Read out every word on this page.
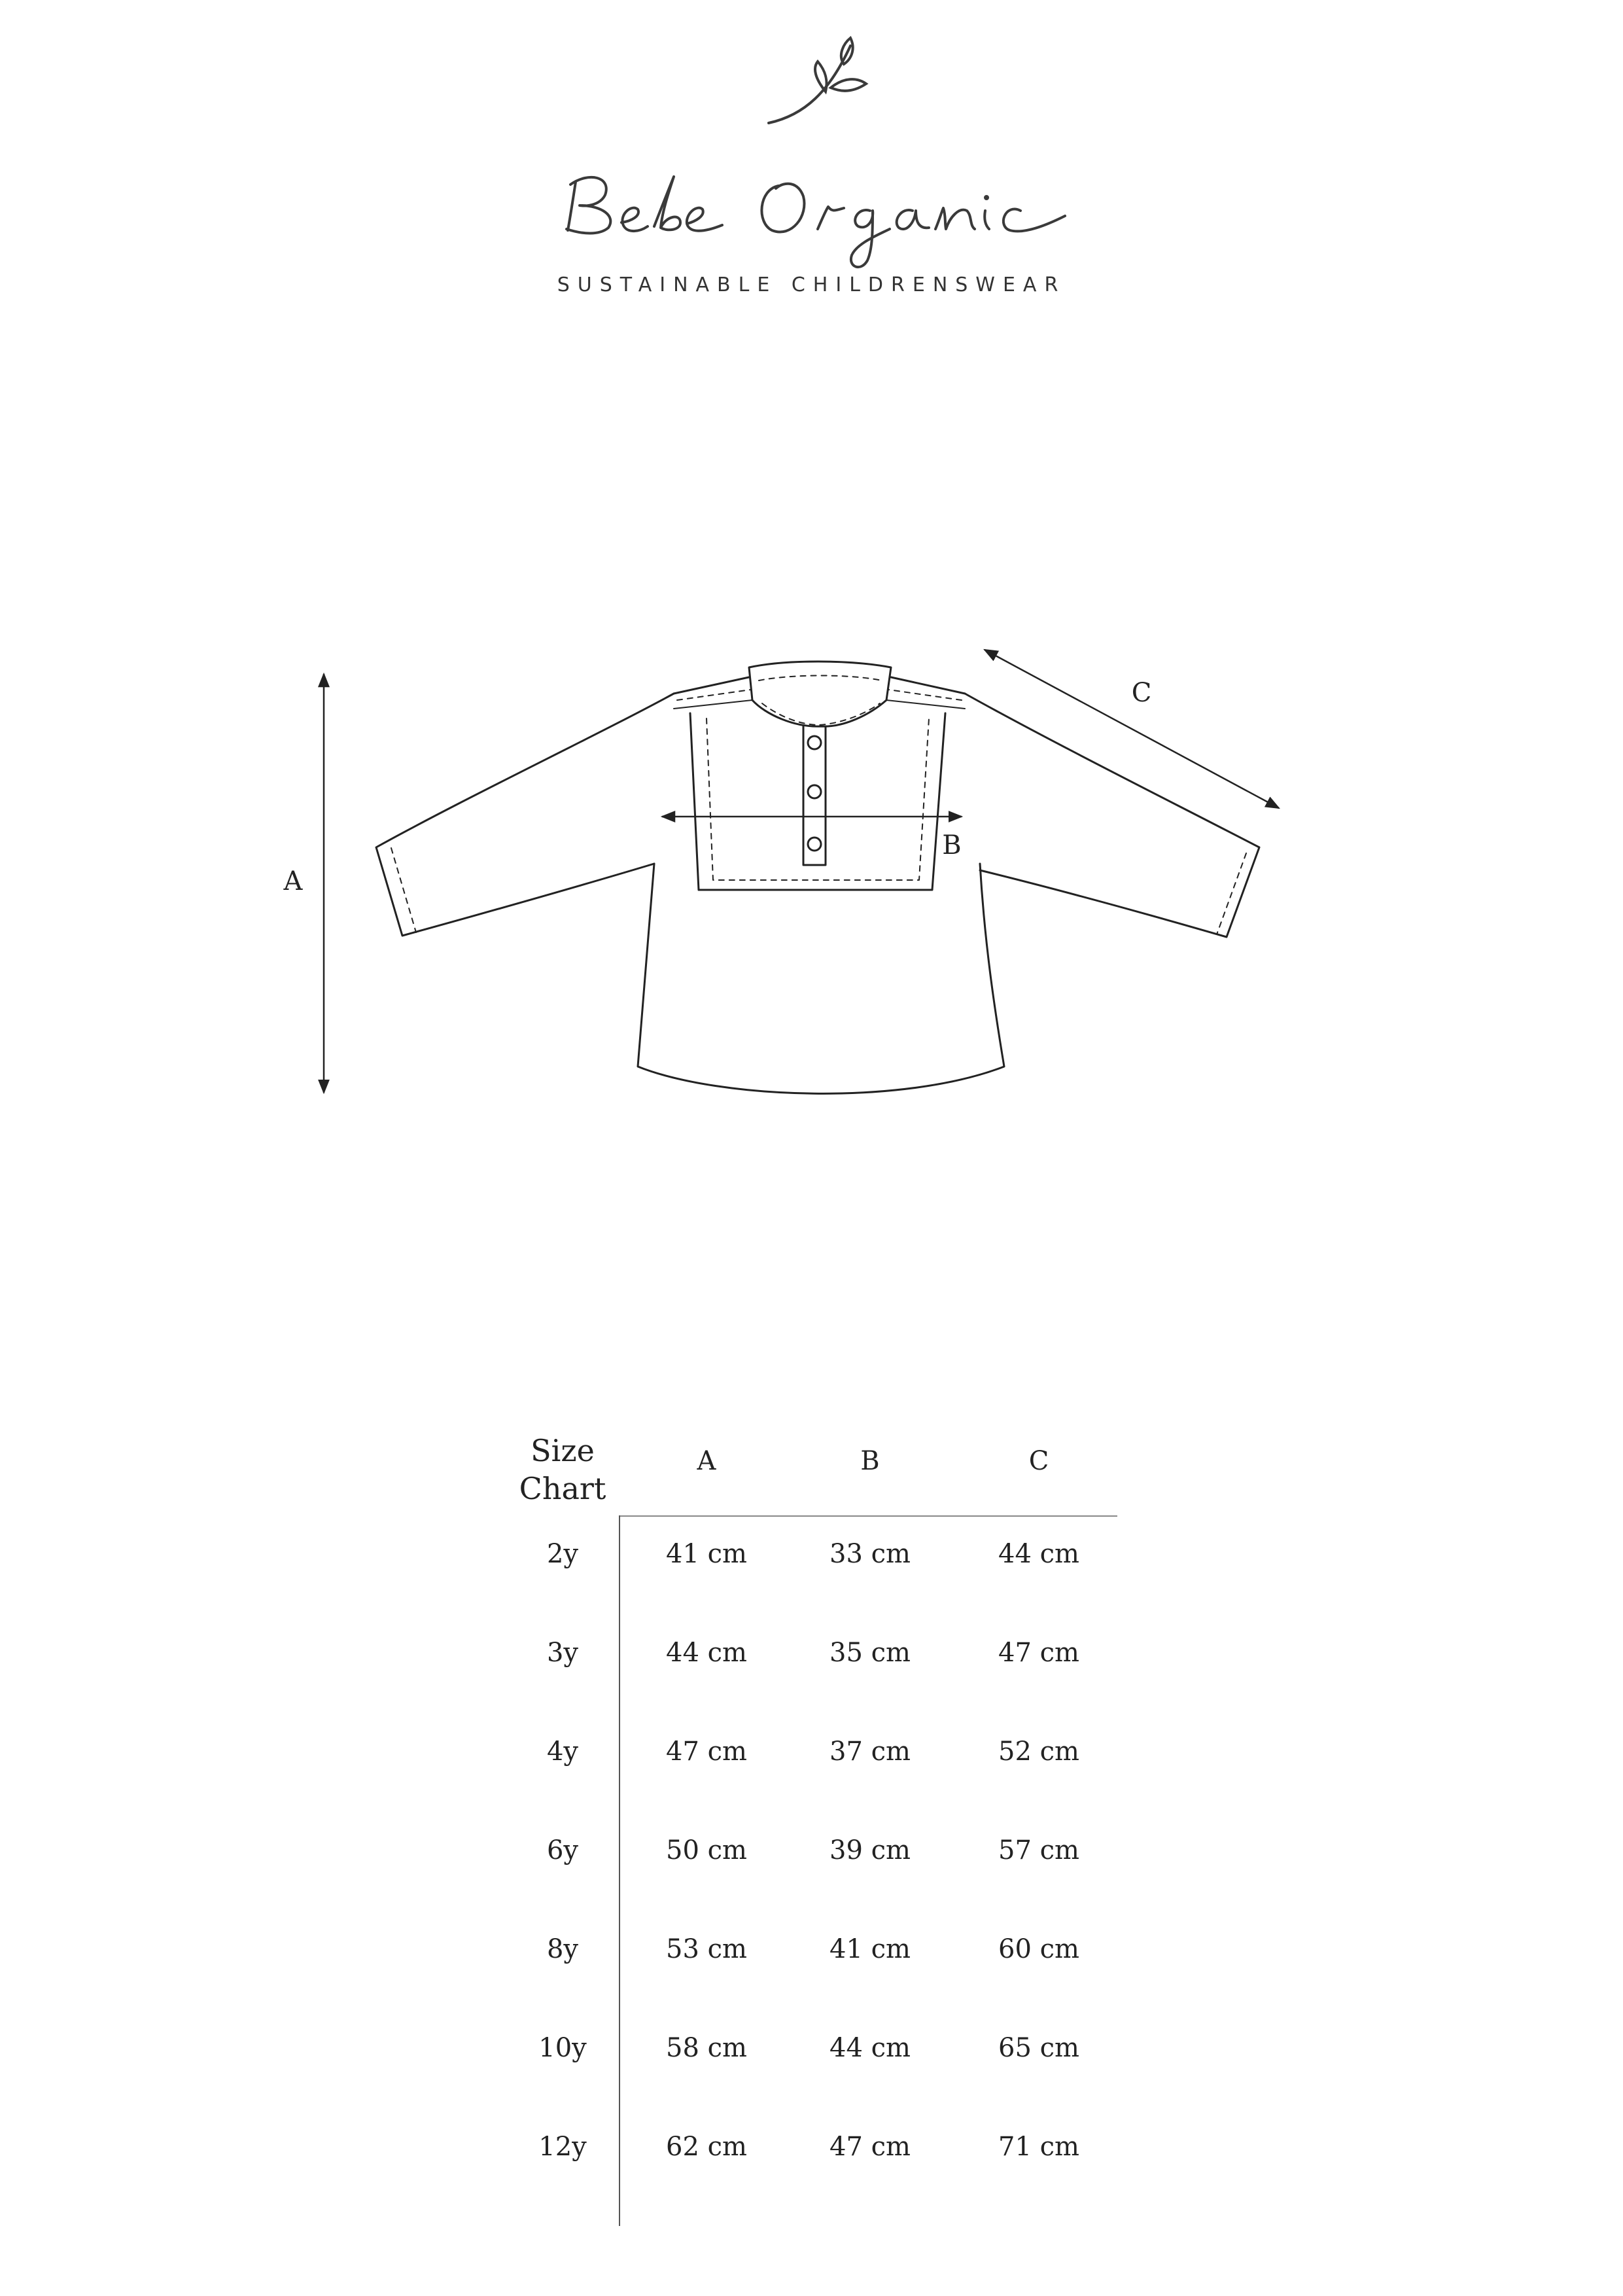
SUSTAINABLE CHILDRENSWEAR
A
B
C
Size
Chart
A	B	C
2y	41 cm	33 cm	44 cm
3y	44 cm	35 cm	47 cm
4y	47 cm	37 cm	52 cm
6y	50 cm	39 cm	57 cm
8y	53 cm	41 cm	60 cm
10y	58 cm	44 cm	65 cm
12y	62 cm	47 cm	71 cm
